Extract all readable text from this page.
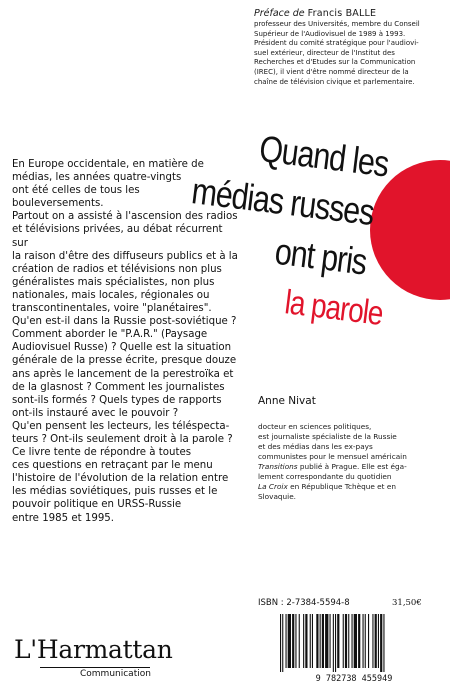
Préface de Francis BALLE
professeur des Universités, membre du Conseil
Supérieur de l'Audiovisuel de 1989 à 1993.
Président du comité stratégique pour l'audiovi-
suel extérieur, directeur de l'Institut des
Recherches et d'Etudes sur la Communication
(IREC), il vient d'être nommé directeur de la
chaîne de télévision civique et parlementaire.
Quand les
médias russes
ont pris
la parole

En Europe occidentale, en matière de

médias, les années quatre-vingts

ont été celles de tous les

bouleversements.

Partout on a assisté à l'ascension des radios

et télévisions privées, au débat récurrent sur

la raison d'être des diffuseurs publics et à la

création de radios et télévisions non plus

généralistes mais spécialistes, non plus

nationales, mais locales, régionales ou

transcontinentales, voire "planétaires".

Qu'en est-il dans la Russie post-soviétique ?

Comment aborder le "P.A.R." (Paysage

Audiovisuel Russe) ? Quelle est la situation

générale de la presse écrite, presque douze

ans après le lancement de la perestroïka et

de la glasnost ? Comment les journalistes

sont-ils formés ? Quels types de rapports

ont-ils instauré avec le pouvoir ?

Qu'en pensent les lecteurs, les téléspecta-

teurs ? Ont-ils seulement droit à la parole ?

Ce livre tente de répondre à toutes

ces questions en retraçant par le menu

l'histoire de l'évolution de la relation entre

les médias soviétiques, puis russes et le

pouvoir politique en URSS-Russie

entre 1985 et 1995.

Anne Nivat
docteur en sciences politiques,
est journaliste spécialiste de la Russie
et des médias dans les ex-pays
communistes pour le mensuel américain
Transitions publié à Prague. Elle est éga-
lement correspondante du quotidien
La Croix en République Tchèque et en
Slovaquie.
ISBN : 2-7384-5594-8	31,50€
9 782738 455949
L'Harmattan
Communication
